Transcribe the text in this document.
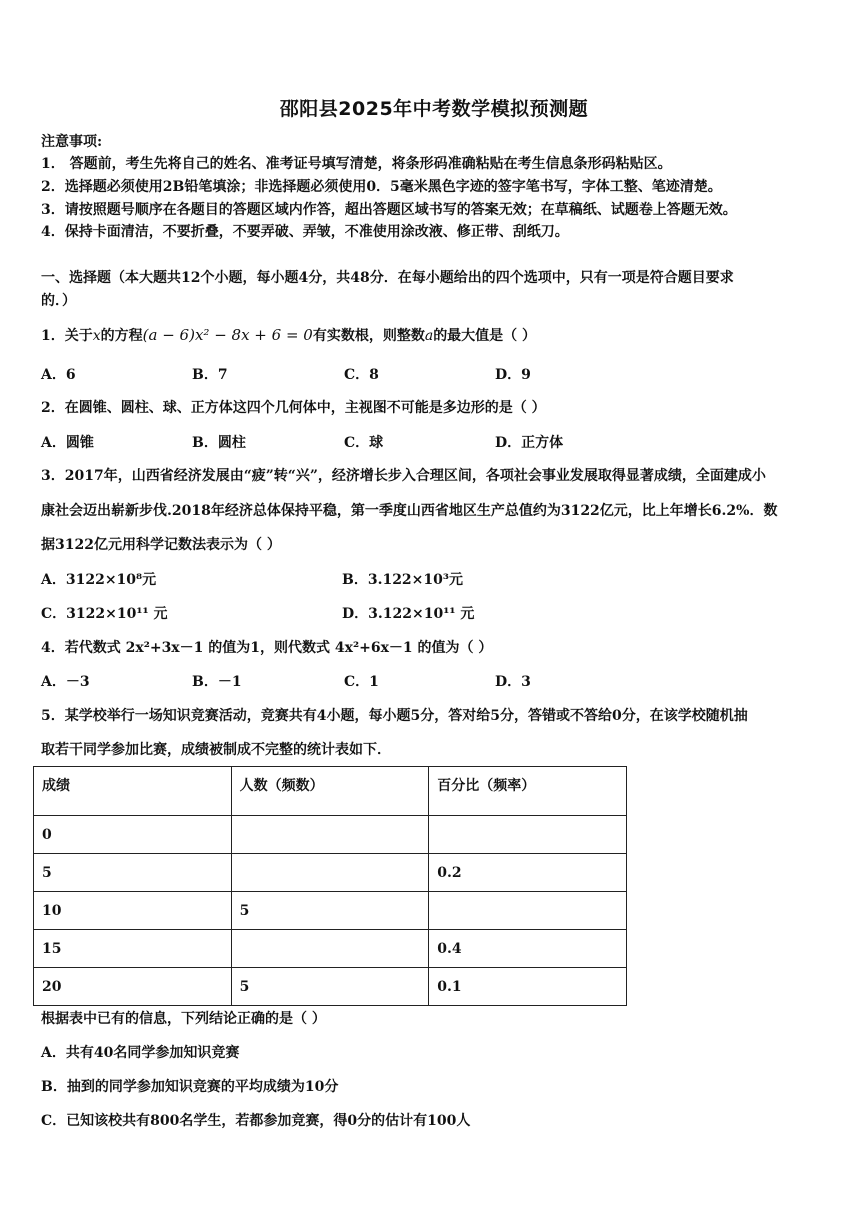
邵阳县2025年中考数学模拟预测题
注意事项:
1． 答题前，考生先将自己的姓名、准考证号填写清楚，将条形码准确粘贴在考生信息条形码粘贴区。
2．选择题必须使用2B铅笔填涂；非选择题必须使用0．5毫米黑色字迹的签字笔书写，字体工整、笔迹清楚。
3．请按照题号顺序在各题目的答题区域内作答，超出答题区域书写的答案无效；在草稿纸、试题卷上答题无效。
4．保持卡面清洁，不要折叠，不要弄破、弄皱，不准使用涂改液、修正带、刮纸刀。
一、选择题（本大题共12个小题，每小题4分，共48分．在每小题给出的四个选项中，只有一项是符合题目要求
的．）
1．关于x的方程(a − 6)x² − 8x + 6 = 0有实数根，则整数a的最大值是（ ）
A．6	B．7	C．8	D．9
2．在圆锥、圆柱、球、正方体这四个几何体中，主视图不可能是多边形的是（ ）
A．圆锥	B．圆柱	C．球	D．正方体
3．2017年，山西省经济发展由“疲”转“兴”，经济增长步入合理区间，各项社会事业发展取得显著成绩，全面建成小
康社会迈出崭新步伐.2018年经济总体保持平稳，第一季度山西省地区生产总值约为3122亿元，比上年增长6.2%．数
据3122亿元用科学记数法表示为（ ）
A．3122×10⁸元	B．3.122×10³元
C．3122×10¹¹ 元	D．3.122×10¹¹ 元
4．若代数式 2x²+3x－1 的值为1，则代数式 4x²+6x－1 的值为（ ）
A．－3	B．－1	C．1	D．3
5．某学校举行一场知识竞赛活动，竞赛共有4小题，每小题5分，答对给5分，答错或不答给0分，在该学校随机抽
取若干同学参加比赛，成绩被制成不完整的统计表如下．
成绩	人数（频数）	百分比（频率）
0		
5		0.2
10	5	
15		0.4
20	5	0.1
根据表中已有的信息，下列结论正确的是（ ）
A．共有40名同学参加知识竞赛
B．抽到的同学参加知识竞赛的平均成绩为10分
C．已知该校共有800名学生，若都参加竞赛，得0分的估计有100人
